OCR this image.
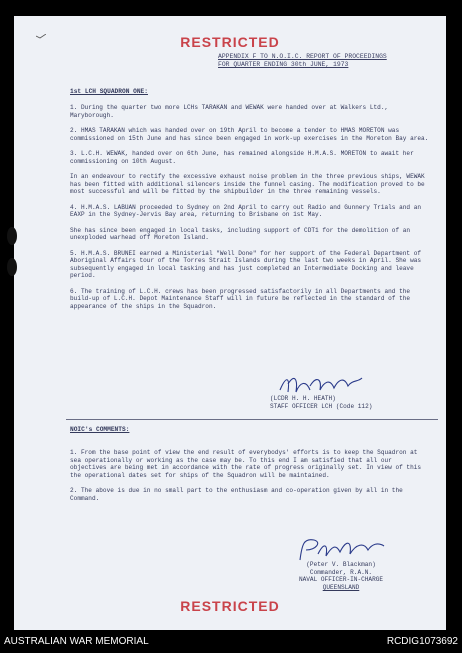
RESTRICTED
APPENDIX F TO N.O.I.C. REPORT OF PROCEEDINGS
FOR QUARTER ENDING 30th JUNE, 1973
1st LCH SQUADRON ONE:

1. During the quarter two more LCHs TARAKAN and WEWAK were handed over at Walkers Ltd., Maryborough.

2. HMAS TARAKAN which was handed over on 19th April to become a tender to HMAS MORETON was commissioned on 15th June and has since been engaged in work-up exercises in the Moreton Bay area.

3. L.C.H. WEWAK, handed over on 6th June, has remained alongside H.M.A.S. MORETON to await her commissioning on 10th August.

In an endeavour to rectify the excessive exhaust noise problem in the three previous ships, WEWAK has been fitted with additional silencers inside the funnel casing. The modification proved to be most successful and will be fitted by the shipbuilder in the three remaining vessels.

4. H.M.A.S. LABUAN proceeded to Sydney on 2nd April to carry out Radio and Gunnery Trials and an EAXP in the Sydney-Jervis Bay area, returning to Brisbane on 1st May.

She has since been engaged in local tasks, including support of CDT1 for the demolition of an unexploded warhead off Moreton Island.

5. H.M.A.S. BRUNEI earned a Ministerial "Well Done" for her support of the Federal Department of Aboriginal Affairs tour of the Torres Strait Islands during the last two weeks in April. She was subsequently engaged in local tasking and has just completed an Intermediate Docking and leave period.

6. The training of L.C.H. crews has been progressed satisfactorily in all Departments and the build-up of L.C.H. Depot Maintenance Staff will in future be reflected in the standard of the appearance of the ships in the Squadron.

(LCDR H. H. HEATH)
STAFF OFFICER LCH (Code 112)
NOIC's COMMENTS:

1. From the base point of view the end result of everybodys' efforts is to keep the Squadron at sea operationally or working as the case may be. To this end I am satisfied that all our objectives are being met in accordance with the rate of progress originally set. In view of this the operational dates set for ships of the Squadron will be maintained.

2. The above is due in no small part to the enthusiasm and co-operation given by all in the Command.

(Peter V. Blackman)
Commander, R.A.N.
NAVAL OFFICER-IN-CHARGE
QUEENSLAND
RESTRICTED
AUSTRALIAN WAR MEMORIAL	RCDIG1073692
